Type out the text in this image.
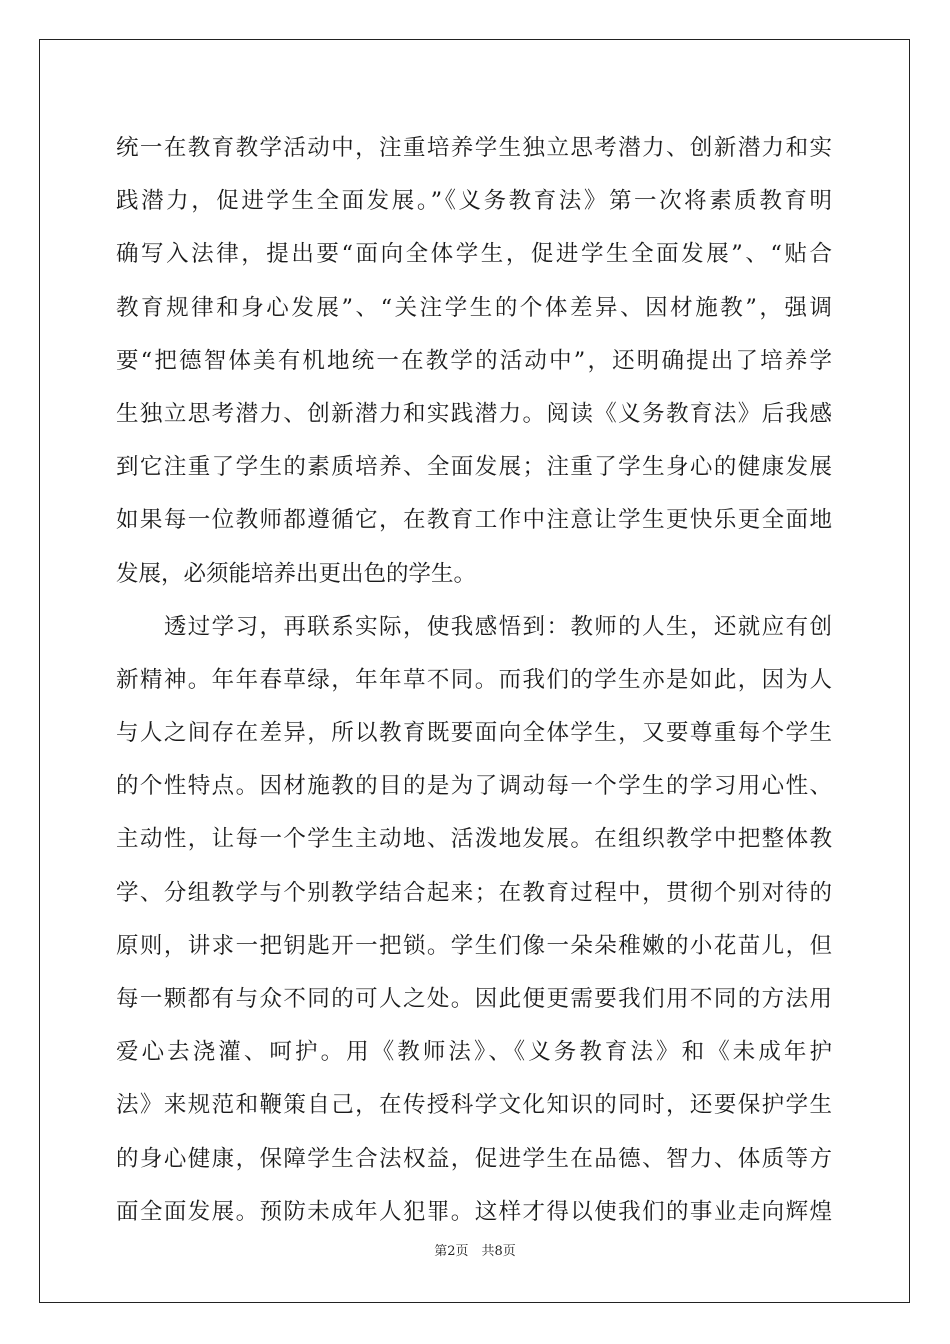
统一在教育教学活动中，注重培养学生独立思考潜力、创新潜力和实
践潜力，促进学生全面发展。”《义务教育法》第一次将素质教育明
确写入法律，提出要“面向全体学生，促进学生全面发展”、“贴合
教育规律和身心发展”、“关注学生的个体差异、因材施教”，强调
要“把德智体美有机地统一在教学的活动中”，还明确提出了培养学
生独立思考潜力、创新潜力和实践潜力。阅读《义务教育法》后我感
到它注重了学生的素质培养、全面发展；注重了学生身心的健康发展
如果每一位教师都遵循它，在教育工作中注意让学生更快乐更全面地
发展，必须能培养出更出色的学生。
　　透过学习，再联系实际，使我感悟到：教师的人生，还就应有创
新精神。年年春草绿，年年草不同。而我们的学生亦是如此，因为人
与人之间存在差异，所以教育既要面向全体学生，又要尊重每个学生
的个性特点。因材施教的目的是为了调动每一个学生的学习用心性、
主动性，让每一个学生主动地、活泼地发展。在组织教学中把整体教
学、分组教学与个别教学结合起来；在教育过程中，贯彻个别对待的
原则，讲求一把钥匙开一把锁。学生们像一朵朵稚嫩的小花苗儿，但
每一颗都有与众不同的可人之处。因此便更需要我们用不同的方法用
爱心去浇灌、呵护。用《教师法》、《义务教育法》和《未成年护
法》来规范和鞭策自己，在传授科学文化知识的同时，还要保护学生
的身心健康，保障学生合法权益，促进学生在品德、智力、体质等方
面全面发展。预防未成年人犯罪。这样才得以使我们的事业走向辉煌
第2页　共8页
